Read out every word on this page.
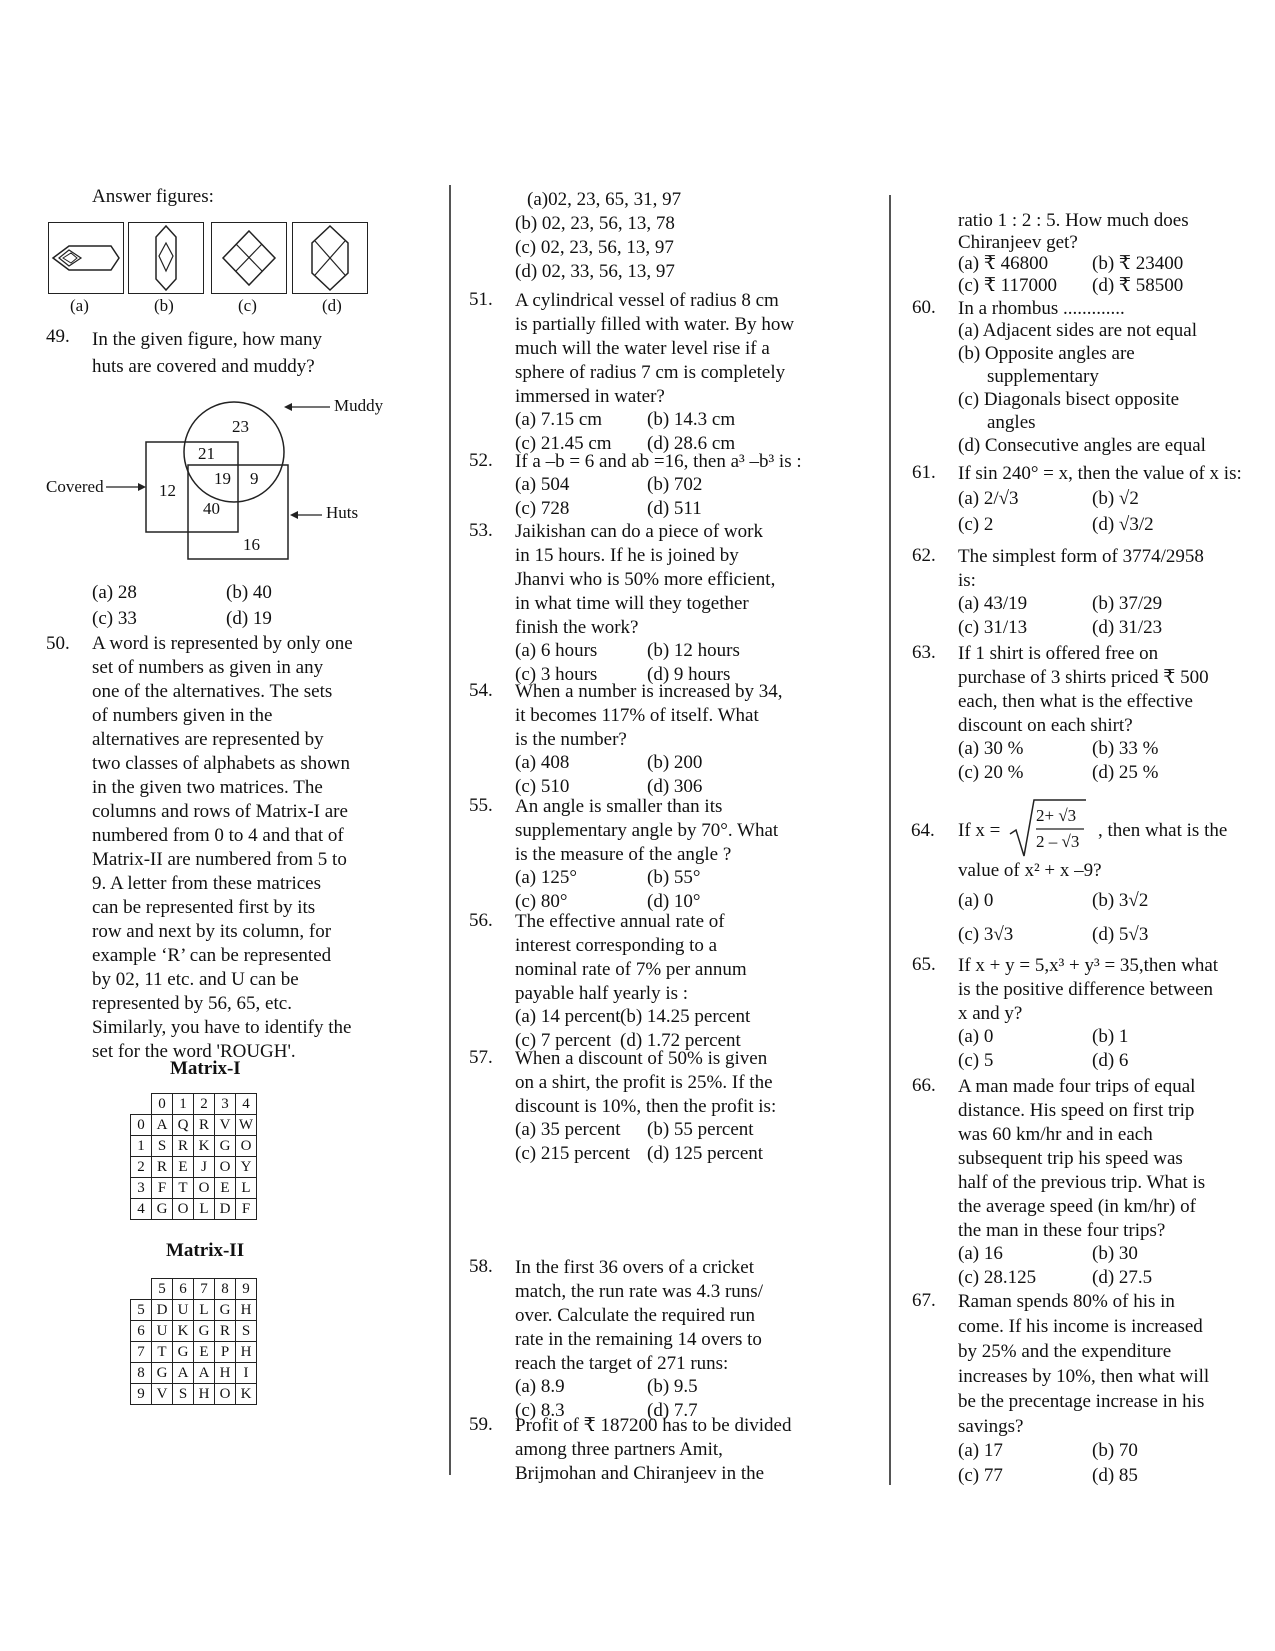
Answer figures:
(a)	(b)	(c)	(d)
49. In the given figure, how many
huts are covered and muddy?
Muddy
Covered
Huts
23
21
19 9
12
40
16
(a) 28	(b) 40
(c) 33	(d) 19
50. A word is represented by only one
set of numbers as given in any
one of the alternatives. The sets
of numbers given in the
alternatives are represented by
two classes of alphabets as shown
in the given two matrices. The
columns and rows of Matrix-I are
numbered from 0 to 4 and that of
Matrix-II are numbered from 5 to
9. A letter from these matrices
can be represented first by its
row and next by its column, for
example ‘R’ can be represented
by 02, 11 etc. and U can be
represented by 56, 65, etc.
Similarly, you have to identify the
set for the word 'ROUGH'.
Matrix-I
	0	1	2	3	4
0	A	Q	R	V	W
1	S	R	K	G	O
2	R	E	J	O	Y
3	F	T	O	E	L
4	G	O	L	D	F
Matrix-II
	5	6	7	8	9
5	D	U	L	G	H
6	U	K	G	R	S
7	T	G	E	P	H
8	G	A	A	H	I
9	V	S	H	O	K
(a)02, 23, 65, 31, 97
(b) 02, 23, 56, 13, 78
(c) 02, 23, 56, 13, 97
(d) 02, 33, 56, 13, 97
51. A cylindrical vessel of radius 8 cm
is partially filled with water. By how
much will the water level rise if a
sphere of radius 7 cm is completely
immersed in water?
(a) 7.15 cm (b) 14.3 cm
(c) 21.45 cm (d) 28.6 cm
52. If a –b = 6 and ab =16, then a³ –b³ is :
(a) 504	(b) 702
(c) 728	(d) 511
53. Jaikishan can do a piece of work
in 15 hours. If he is joined by
Jhanvi who is 50% more efficient,
in what time will they together
finish the work?
(a) 6 hours	(b) 12 hours
(c) 3 hours	(d) 9 hours
54. When a number is increased by 34,
it becomes 117% of itself. What
is the number?
(a) 408	(b) 200
(c) 510	(d) 306
55. An angle is smaller than its
supplementary angle by 70°. What
is the measure of the angle ?
(a) 125°	(b) 55°
(c) 80°	(d) 10°
56. The effective annual rate of
interest corresponding to a
nominal rate of 7% per annum
payable half yearly is :
(a) 14 percent (b) 14.25 percent
(c) 7 percent (d) 1.72 percent
57. When a discount of 50% is given
on a shirt, the profit is 25%. If the
discount is 10%, then the profit is:
(a) 35 percent (b) 55 percent
(c) 215 percent (d) 125 percent
58. In the first 36 overs of a cricket
match, the run rate was 4.3 runs/
over. Calculate the required run
rate in the remaining 14 overs to
reach the target of 271 runs:
(a) 8.9	(b) 9.5
(c) 8.3	(d) 7.7
59. Profit of ₹ 187200 has to be divided
among three partners Amit,
Brijmohan and Chiranjeev in the
ratio 1 : 2 : 5. How much does
Chiranjeev get?
(a) ₹ 46800 (b) ₹ 23400
(c) ₹ 117000 (d) ₹ 58500
60. In a rhombus .............
(a) Adjacent sides are not equal
(b) Opposite angles are
supplementary
(c) Diagonals bisect opposite
angles
(d) Consecutive angles are equal
61. If sin 240° = x, then the value of x is:
(a) 2/√3	(b) √2
(c) 2	(d) √3/2
62. The simplest form of 3774/2958
is:
(a) 43/19	(b) 37/29
(c) 31/13	(d) 31/23
63. If 1 shirt is offered free on
purchase of 3 shirts priced ₹ 500
each, then what is the effective
discount on each shirt?
(a) 30 %	(b) 33 %
(c) 20 %	(d) 25 %
65. If x + y = 5,x³ + y³ = 35,then what
is the positive difference between
x and y?
(a) 0	(b) 1
(c) 5	(d) 6
66. A man made four trips of equal
distance. His speed on first trip
was 60 km/hr and in each
subsequent trip his speed was
half of the previous trip. What is
the average speed (in km/hr) of
the man in these four trips?
(a) 16	(b) 30
(c) 28.125	(d) 27.5
67. Raman spends 80% of his in
come. If his income is increased
by 25% and the expenditure
increases by 10%, then what will
be the precentage increase in his
savings?
(a) 17	(b) 70
(c) 77	(d) 85
64. If x =
2+ √3
2 – √3
, then what is the
value of x² + x –9?
(a) 0	(b) 3√2
(c) 3√3	(d) 5√3
